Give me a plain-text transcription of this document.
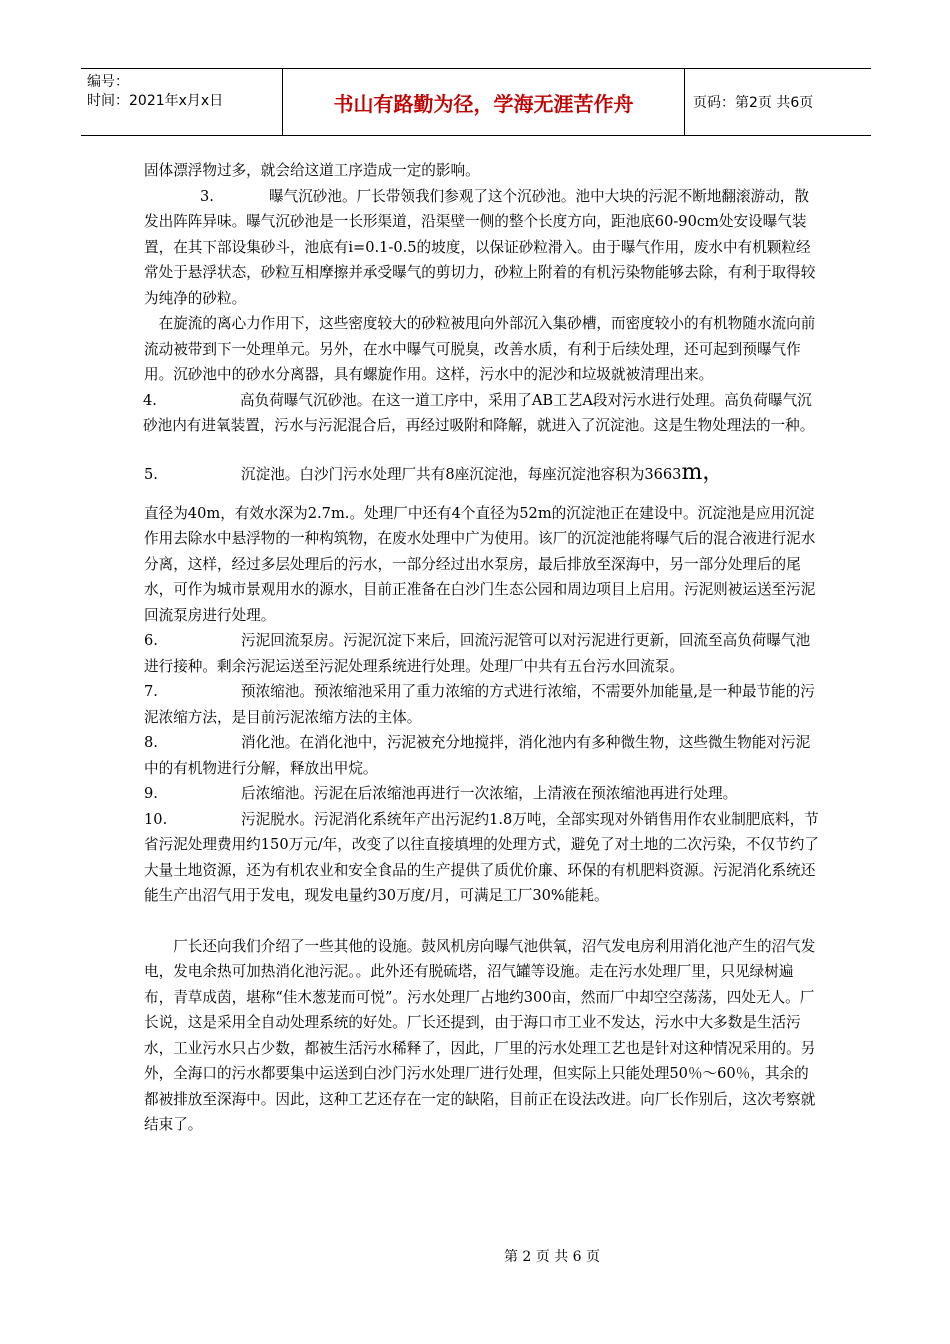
编号：
时间：2021年x月x日	书山有路勤为径，学海无涯苦作舟	页码：第2页 共6页

固体漂浮物过多，就会给这道工序造成一定的影响。

3.	曝气沉砂池。厂长带领我们参观了这个沉砂池。池中大块的污泥不断地翻滚游动，散发出阵阵异味。曝气沉砂池是一长形渠道，沿渠壁一侧的整个长度方向，距池底60-90cm处安设曝气装置，在其下部设集砂斗，池底有i=0.1-0.5的坡度，以保证砂粒滑入。由于曝气作用，废水中有机颗粒经常处于悬浮状态，砂粒互相摩擦并承受曝气的剪切力，砂粒上附着的有机污染物能够去除，有利于取得较为纯净的砂粒。

在旋流的离心力作用下，这些密度较大的砂粒被甩向外部沉入集砂槽，而密度较小的有机物随水流向前流动被带到下一处理单元。另外，在水中曝气可脱臭，改善水质，有利于后续处理，还可起到预曝气作用。沉砂池中的砂水分离器，具有螺旋作用。这样，污水中的泥沙和垃圾就被清理出来。

4.	高负荷曝气沉砂池。在这一道工序中，采用了AB工艺A段对污水进行处理。高负荷曝气沉砂池内有进氧装置，污水与污泥混合后，再经过吸附和降解，就进入了沉淀池。这是生物处理法的一种。

5.	沉淀池。白沙门污水处理厂共有8座沉淀池，每座沉淀池容积为3663m，

直径为40m，有效水深为2.7m.。处理厂中还有4个直径为52m的沉淀池正在建设中。沉淀池是应用沉淀作用去除水中悬浮物的一种构筑物，在废水处理中广为使用。该厂的沉淀池能将曝气后的混合液进行泥水分离，这样，经过多层处理后的污水，一部分经过出水泵房，最后排放至深海中，另一部分处理后的尾水，可作为城市景观用水的源水，目前正准备在白沙门生态公园和周边项目上启用。污泥则被运送至污泥回流泵房进行处理。

6.	污泥回流泵房。污泥沉淀下来后，回流污泥管可以对污泥进行更新，回流至高负荷曝气池进行接种。剩余污泥运送至污泥处理系统进行处理。处理厂中共有五台污水回流泵。

7.	预浓缩池。预浓缩池采用了重力浓缩的方式进行浓缩，不需要外加能量,是一种最节能的污泥浓缩方法，是目前污泥浓缩方法的主体。

8.	消化池。在消化池中，污泥被充分地搅拌，消化池内有多种微生物，这些微生物能对污泥中的有机物进行分解，释放出甲烷。

9.	后浓缩池。污泥在后浓缩池再进行一次浓缩，上清液在预浓缩池再进行处理。

10.	污泥脱水。污泥消化系统年产出污泥约1.8万吨，全部实现对外销售用作农业制肥底料，节省污泥处理费用约150万元/年，改变了以往直接填埋的处理方式，避免了对土地的二次污染，不仅节约了大量土地资源，还为有机农业和安全食品的生产提供了质优价廉、环保的有机肥料资源。污泥消化系统还能生产出沼气用于发电，现发电量约30万度/月，可满足工厂30%能耗。

厂长还向我们介绍了一些其他的设施。鼓风机房向曝气池供氧，沼气发电房利用消化池产生的沼气发电，发电余热可加热消化池污泥。。此外还有脱硫塔，沼气罐等设施。走在污水处理厂里，只见绿树遍布，青草成茵，堪称“佳木葱茏而可悦”。污水处理厂占地约300亩，然而厂中却空空荡荡，四处无人。厂长说，这是采用全自动处理系统的好处。厂长还提到，由于海口市工业不发达，污水中大多数是生活污水，工业污水只占少数，都被生活污水稀释了，因此，厂里的污水处理工艺也是针对这种情况采用的。另外，全海口的污水都要集中运送到白沙门污水处理厂进行处理，但实际上只能处理50％～60％，其余的都被排放至深海中。因此，这种工艺还存在一定的缺陷，目前正在设法改进。向厂长作别后，这次考察就结束了。

第 2 页 共 6 页
